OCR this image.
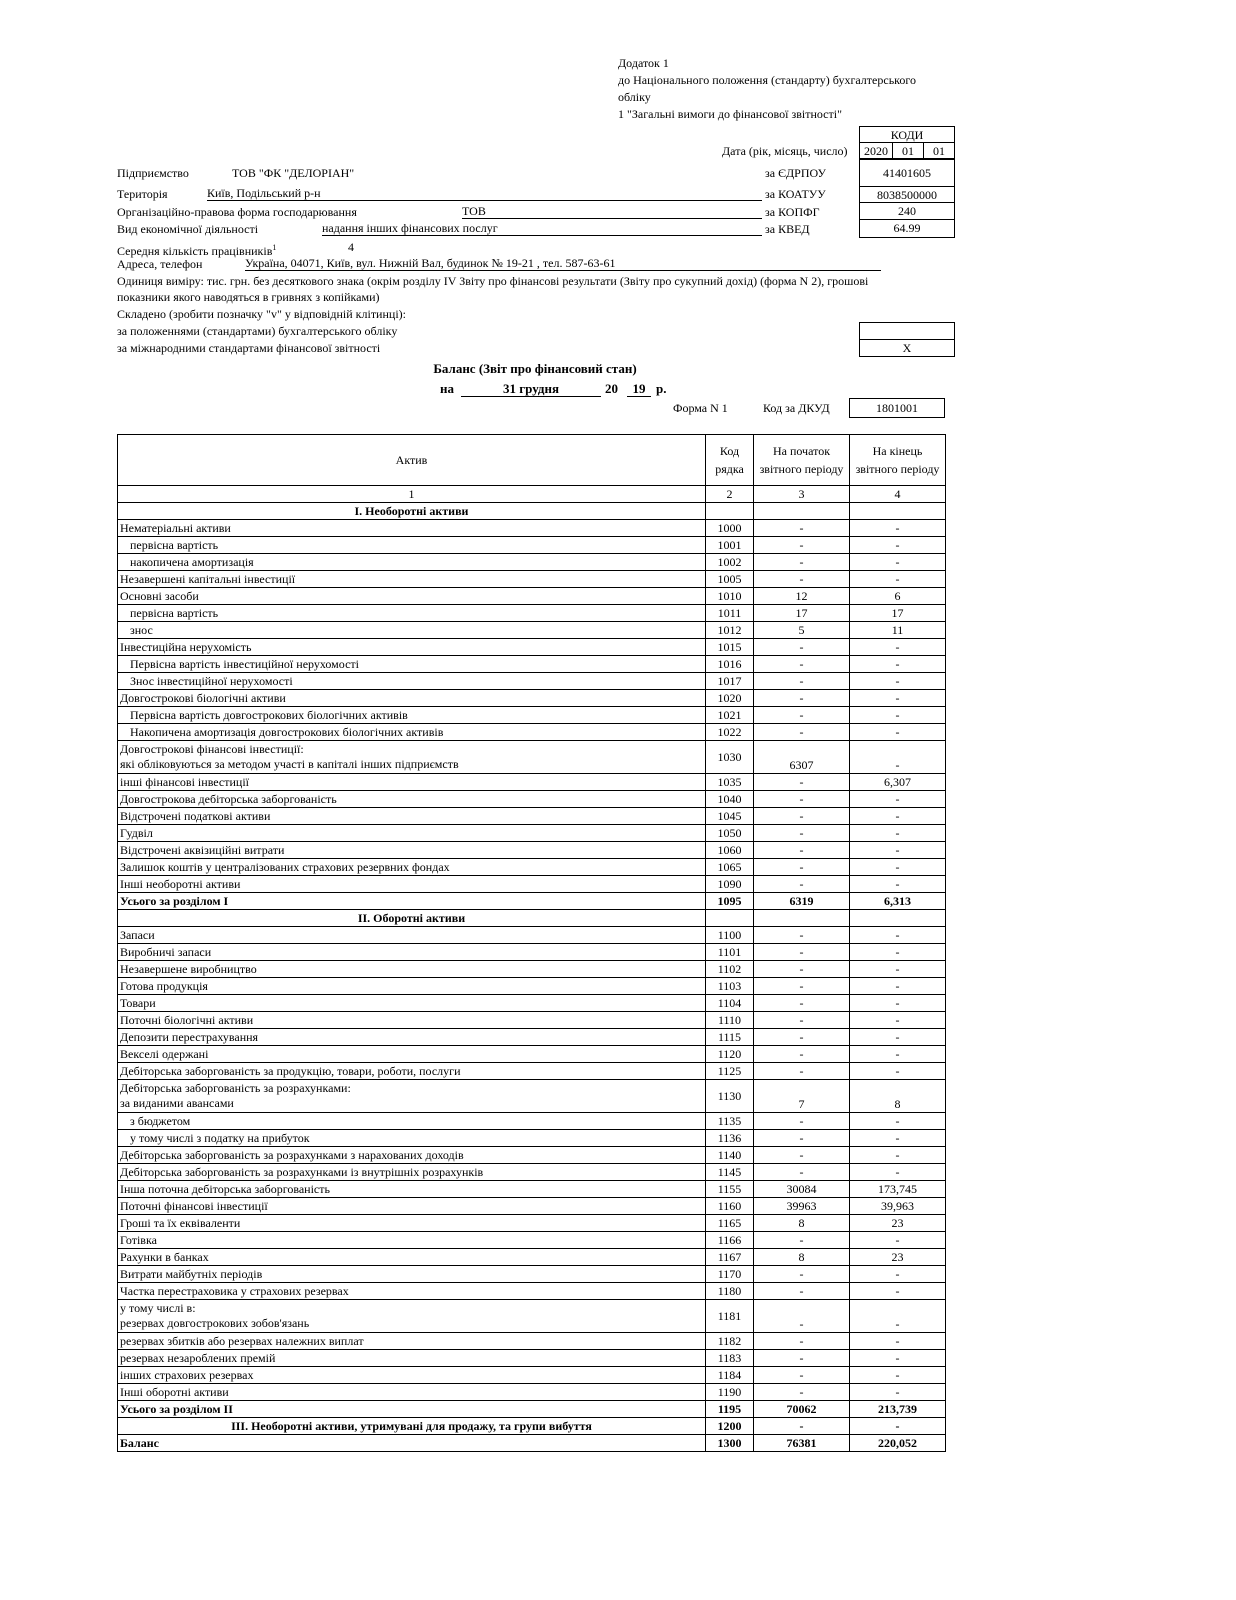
Додаток 1
до Національного положення (стандарту) бухгалтерського
обліку
1 "Загальні вимоги до фінансової звітності"
КОДИ
Дата (рік, місяць, число)	2020	01	01
Підприємство	ТОВ "ФК "ДЕЛОРІАН"	за ЄДРПОУ	41401605
Територія	Київ, Подільський р-н	за КОАТУУ	8038500000
Організаційно-правова форма господарювання	ТОВ	за КОПФГ	240
Вид економічної діяльності	надання інших фінансових послуг	за КВЕД	64.99
Середня кількість працівників$^1$	4
Адреса, телефон	Україна, 04071, Київ, вул. Нижній Вал, будинок № 19-21 , тел. 587-63-61
Одиниця виміру: тис. грн. без десяткового знака (окрім розділу IV Звіту про фінансові результати (Звіту про сукупний дохід) (форма N 2), грошові
показники якого наводяться в гривнях з копійками)
Складено (зробити позначку "v" у відповідній клітинці):
за положеннями (стандартами) бухгалтерського обліку
за міжнародними стандартами фінансової звітності	X
Баланс (Звіт про фінансовий стан)
на	31 грудня	20	19 р.
Форма N 1	Код за ДКУД	1801001
Актив	Код рядка	На початок звітного періоду	На кінець звітного періоду
1	2	3	4
I. Необоротні активи			
Нематеріальні активи	1000	-	-
первісна вартість	1001	-	-
накопичена амортизація	1002	-	-
Незавершені капітальні інвестиції	1005	-	-
Основні засоби	1010	12	6
первісна вартість	1011	17	17
знос	1012	5	11
Інвестиційна нерухомість	1015	-	-
Первісна вартість інвестиційної нерухомості	1016	-	-
Знос інвестиційної нерухомості	1017	-	-
Довгострокові біологічні активи	1020	-	-
Первісна вартість довгострокових біологічних активів	1021	-	-
Накопичена амортизація довгострокових біологічних активів	1022	-	-

Довгострокові фінансові інвестиції:
які обліковуються за методом участі в капіталі інших підприємств	1030	6307	-
інші фінансові інвестиції	1035	-	6,307
Довгострокова дебіторська заборгованість	1040	-	-
Відстрочені податкові активи	1045	-	-
Гудвіл	1050	-	-
Відстрочені аквізиційні витрати	1060	-	-
Залишок коштів у централізованих страхових резервних фондах	1065	-	-
Інші необоротні активи	1090	-	-
Усього за розділом I	1095	6319	6,313
II. Оборотні активи			
Запаси	1100	-	-
Виробничі запаси	1101	-	-
Незавершене виробництво	1102	-	-
Готова продукція	1103	-	-
Товари	1104	-	-
Поточні біологічні активи	1110	-	-
Депозити перестрахування	1115	-	-
Векселі одержані	1120	-	-
Дебіторська заборгованість за продукцію, товари, роботи, послуги	1125	-	-

Дебіторська заборгованість за розрахунками:
за виданими авансами	1130	7	8
з бюджетом	1135	-	-
у тому числі з податку на прибуток	1136	-	-
Дебіторська заборгованість за розрахунками з нарахованих доходів	1140	-	-
Дебіторська заборгованість за розрахунками із внутрішніх розрахунків	1145	-	-
Інша поточна дебіторська заборгованість	1155	30084	173,745
Поточні фінансові інвестиції	1160	39963	39,963
Гроші та їх еквіваленти	1165	8	23
Готівка	1166	-	-
Рахунки в банках	1167	8	23
Витрати майбутніх періодів	1170	-	-
Частка перестраховика у страхових резервах	1180	-	-

у тому числі в:
резервах довгострокових зобов'язань	1181	-	-
резервах збитків або резервах належних виплат	1182	-	-
резервах незароблених премій	1183	-	-
інших страхових резервах	1184	-	-
Інші оборотні активи	1190	-	-
Усього за розділом II	1195	70062	213,739
III. Необоротні активи, утримувані для продажу, та групи вибуття	1200	-	-
Баланс	1300	76381	220,052
